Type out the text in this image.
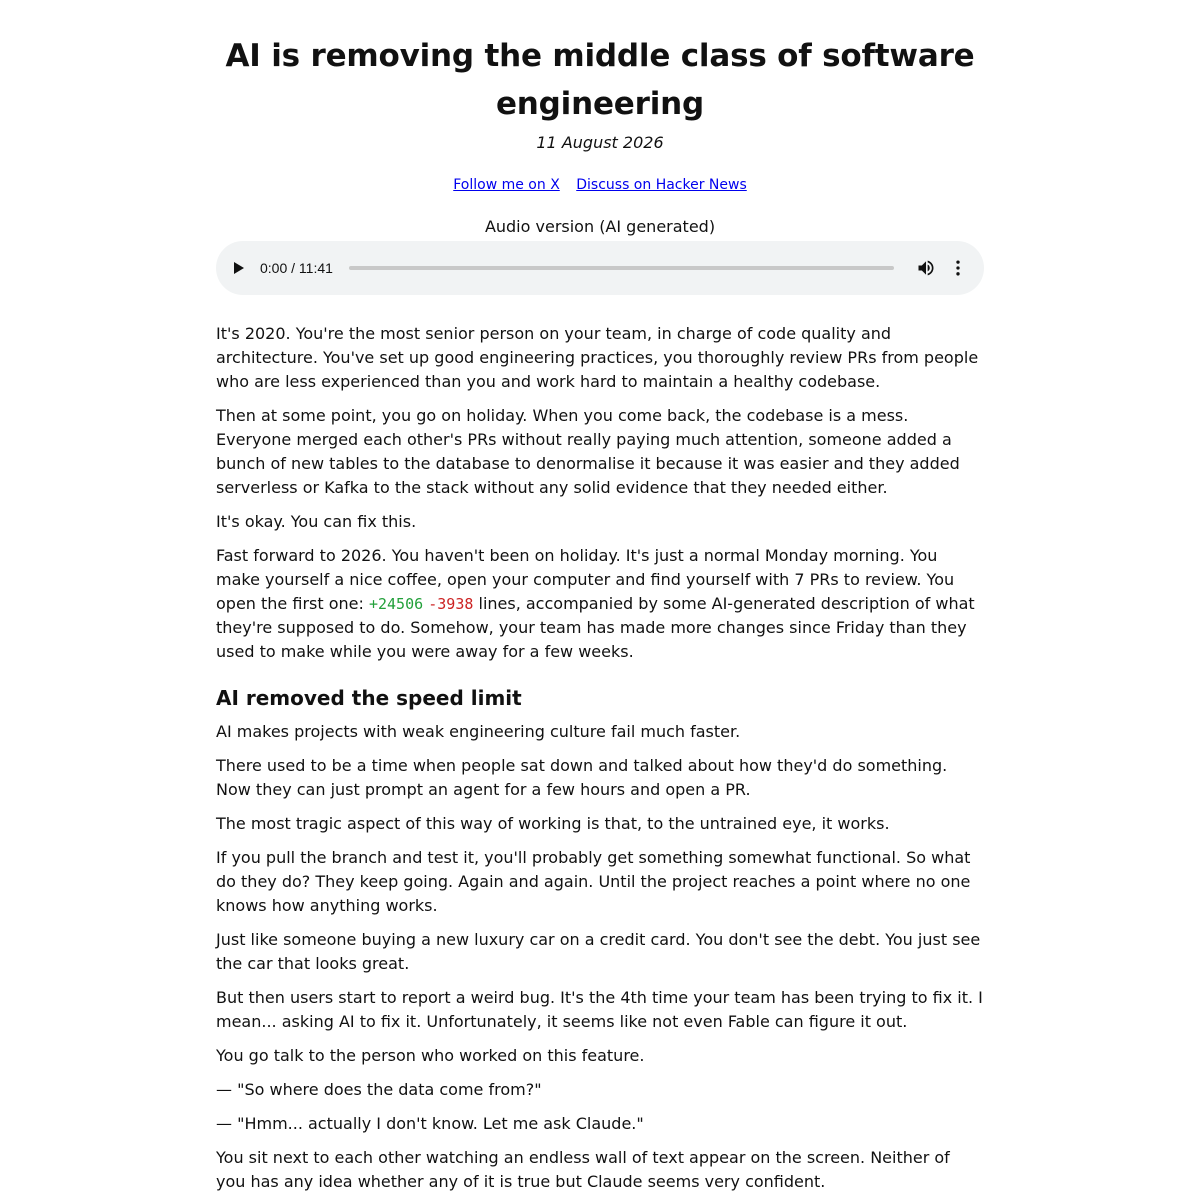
AI is removing the middle class of software engineering
11 August 2026
Follow me on X Discuss on Hacker News
Audio version (AI generated)
0:00 / 11:41

It's 2020. You're the most senior person on your team, in charge of code quality and architecture. You've set up good engineering practices, you thoroughly review PRs from people who are less experienced than you and work hard to maintain a healthy codebase.

Then at some point, you go on holiday. When you come back, the codebase is a mess. Everyone merged each other's PRs without really paying much attention, someone added a bunch of new tables to the database to denormalise it because it was easier and they added serverless or Kafka to the stack without any solid evidence that they needed either.

It's okay. You can fix this.

Fast forward to 2026. You haven't been on holiday. It's just a normal Monday morning. You make yourself a nice coffee, open your computer and find yourself with 7 PRs to review. You open the first one: +24506 -3938 lines, accompanied by some AI-generated description of what they're supposed to do. Somehow, your team has made more changes since Friday than they used to make while you were away for a few weeks.

AI removed the speed limit

AI makes projects with weak engineering culture fail much faster.

There used to be a time when people sat down and talked about how they'd do something. Now they can just prompt an agent for a few hours and open a PR.

The most tragic aspect of this way of working is that, to the untrained eye, it works.

If you pull the branch and test it, you'll probably get something somewhat functional. So what do they do? They keep going. Again and again. Until the project reaches a point where no one knows how anything works.

Just like someone buying a new luxury car on a credit card. You don't see the debt. You just see the car that looks great.

But then users start to report a weird bug. It's the 4th time your team has been trying to fix it. I mean... asking AI to fix it. Unfortunately, it seems like not even Fable can figure it out.

You go talk to the person who worked on this feature.

— "So where does the data come from?"

— "Hmm... actually I don't know. Let me ask Claude."

You sit next to each other watching an endless wall of text appear on the screen. Neither of you has any idea whether any of it is true but Claude seems very confident.
